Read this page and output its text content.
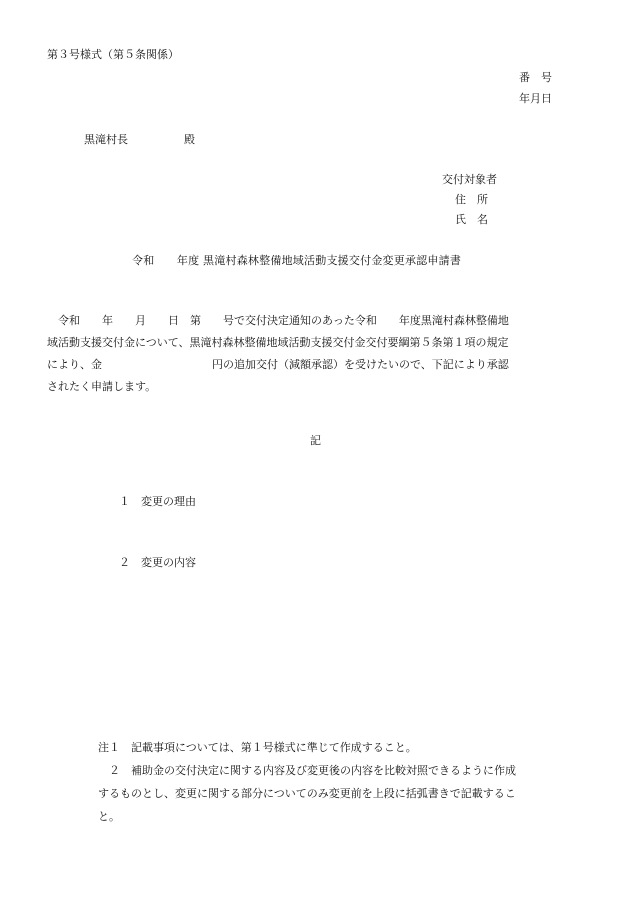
第３号様式（第５条関係）
番　号
年月日
黒滝村長	殿
交付対象者
住　所
氏　名
令和　　年度 黒滝村森林整備地域活動支援交付金変更承認申請書
　令和　　年　　月　　日　第　　号で交付決定通知のあった令和　　年度黒滝村森林整備地
域活動支援交付金について、黒滝村森林整備地域活動支援交付金交付要綱第５条第１項の規定
により、金　　　　　　　　　　円の追加交付（減額承認）を受けたいので、下記により承認
されたく申請します。
記
１　変更の理由
２　変更の内容
注１　記載事項については、第１号様式に準じて作成すること。
　２　補助金の交付決定に関する内容及び変更後の内容を比較対照できるように作成
するものとし、変更に関する部分についてのみ変更前を上段に括弧書きで記載するこ
と。
